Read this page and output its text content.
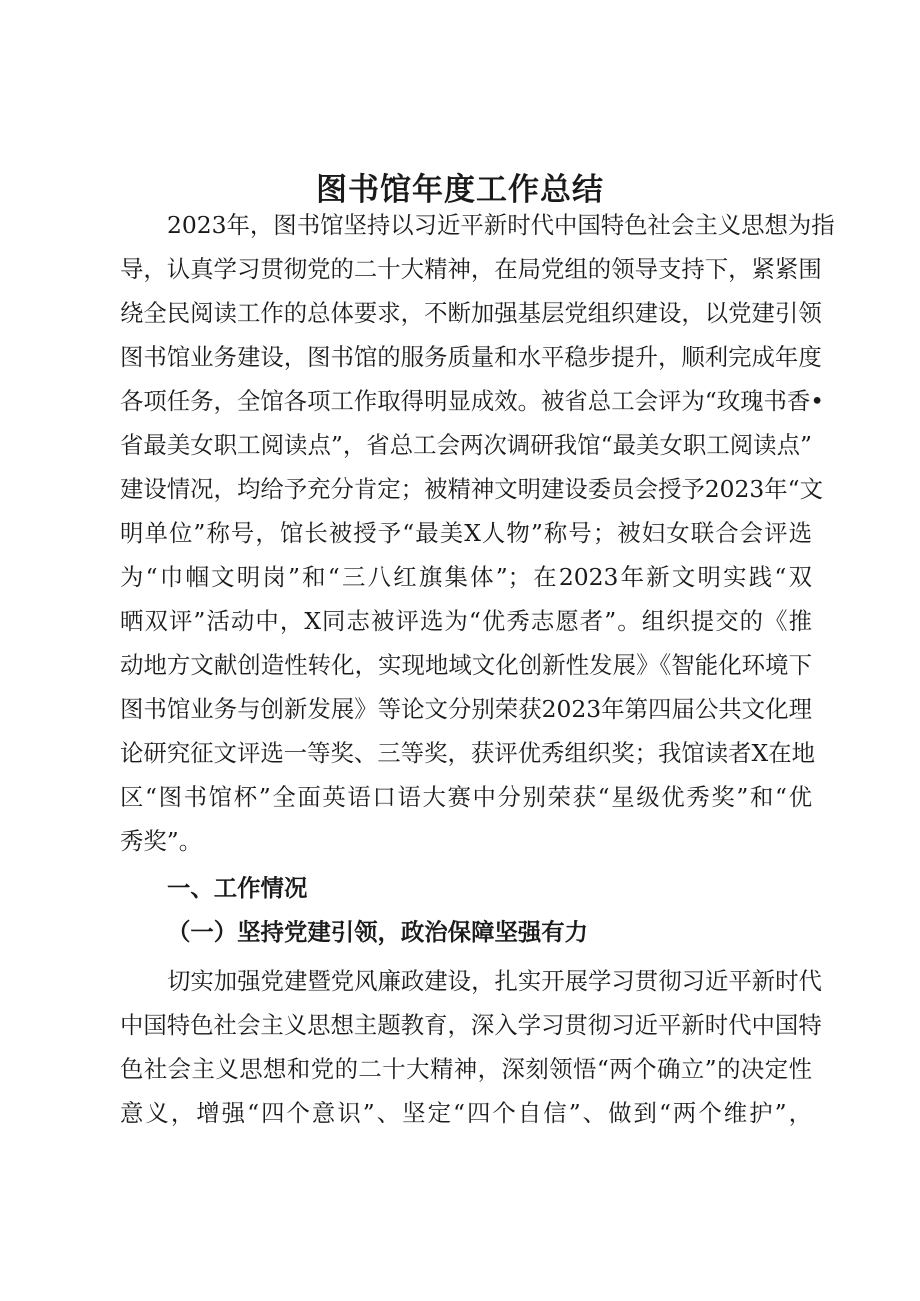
图书馆年度工作总结

2023年，图书馆坚持以习近平新时代中国特色社会主义思想为指

导，认真学习贯彻党的二十大精神，在局党组的领导支持下，紧紧围

绕全民阅读工作的总体要求，不断加强基层党组织建设，以党建引领

图书馆业务建设，图书馆的服务质量和水平稳步提升，顺利完成年度

各项任务，全馆各项工作取得明显成效。被省总工会评为“玫瑰书香•

省最美女职工阅读点”，省总工会两次调研我馆“最美女职工阅读点”

建设情况，均给予充分肯定；被精神文明建设委员会授予2023年“文

明单位”称号，馆长被授予“最美X人物”称号；被妇女联合会评选

为“巾帼文明岗”和“三八红旗集体”；在2023年新文明实践“双

晒双评”活动中，X同志被评选为“优秀志愿者”。组织提交的《推

动地方文献创造性转化，实现地域文化创新性发展》《智能化环境下

图书馆业务与创新发展》等论文分别荣获2023年第四届公共文化理

论研究征文评选一等奖、三等奖，获评优秀组织奖；我馆读者X在地

区“图书馆杯”全面英语口语大赛中分别荣获“星级优秀奖”和“优

秀奖”。

一、工作情况
（一）坚持党建引领，政治保障坚强有力

切实加强党建暨党风廉政建设，扎实开展学习贯彻习近平新时代

中国特色社会主义思想主题教育，深入学习贯彻习近平新时代中国特

色社会主义思想和党的二十大精神，深刻领悟“两个确立”的决定性

意义，增强“四个意识”、坚定“四个自信”、做到“两个维护”，
